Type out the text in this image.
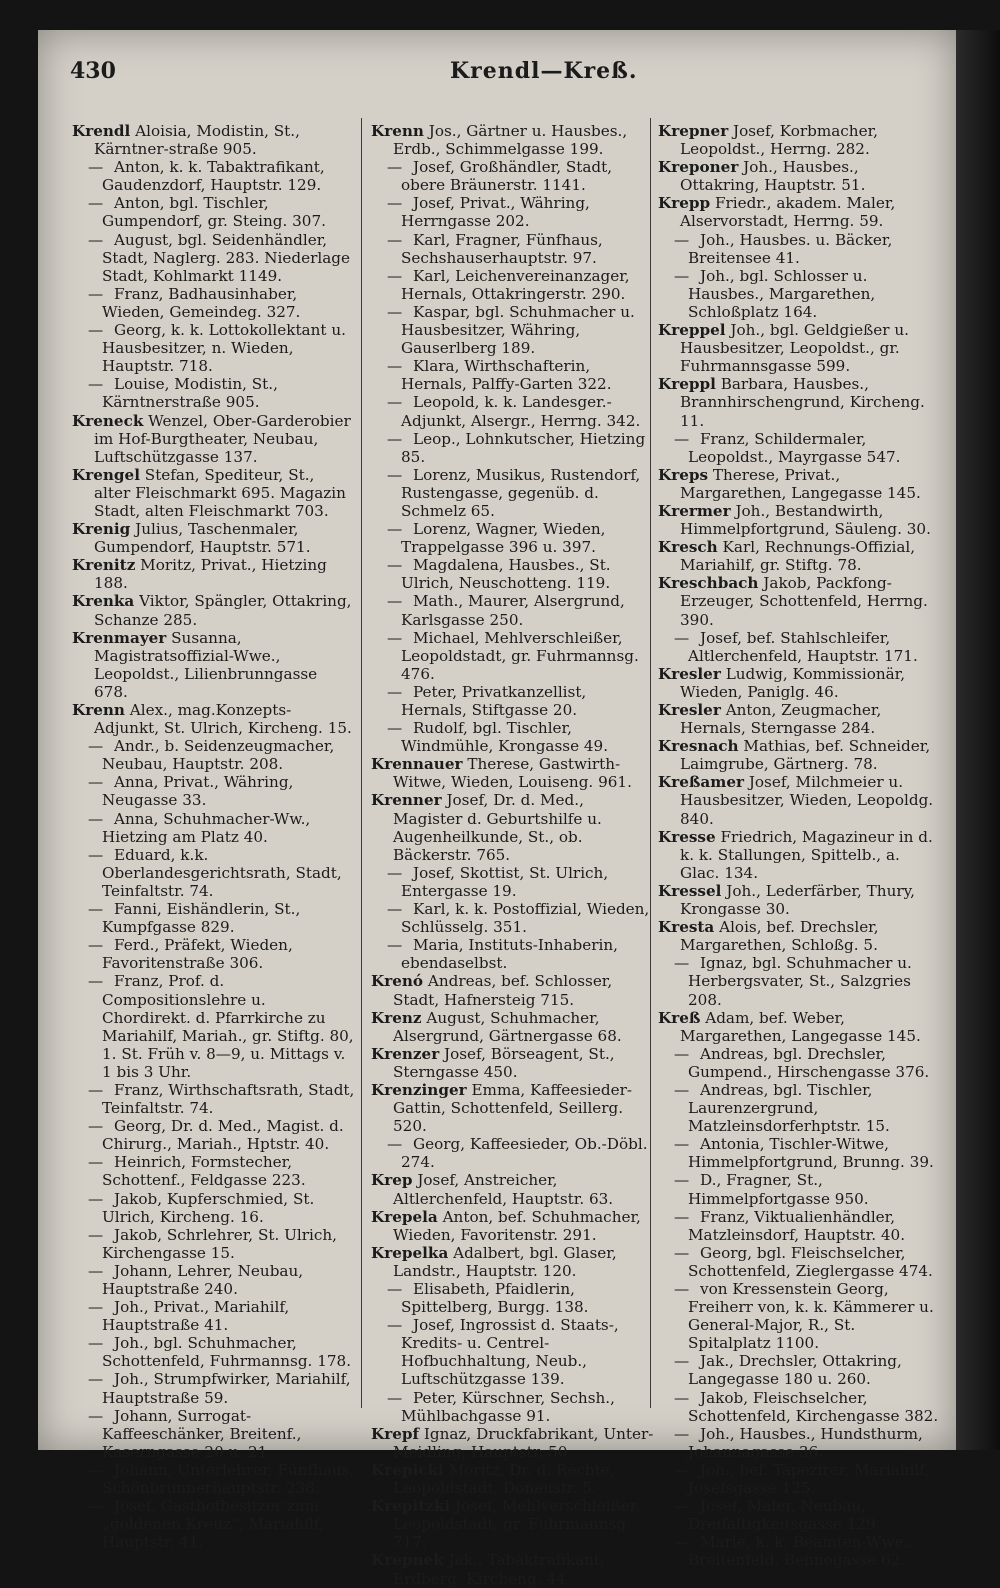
430	Krendl—Kreß.
Krendl Aloisia, Modistin, St., Kärntner-straße 905.
— Anton, k. k. Tabaktrafikant, Gaudenzdorf, Hauptstr. 129.
— Anton, bgl. Tischler, Gumpendorf, gr. Steing. 307.
— August, bgl. Seidenhändler, Stadt, Naglerg. 283. Niederlage Stadt, Kohlmarkt 1149.
— Franz, Badhausinhaber, Wieden, Gemeindeg. 327.
— Georg, k. k. Lottokollektant u. Hausbesitzer, n. Wieden, Hauptstr. 718.
— Louise, Modistin, St., Kärntnerstraße 905.
Kreneck Wenzel, Ober-Garderobier im Hof-Burgtheater, Neubau, Luftschützgasse 137.
Krengel Stefan, Spediteur, St., alter Fleischmarkt 695. Magazin Stadt, alten Fleischmarkt 703.
Krenig Julius, Taschenmaler, Gumpendorf, Hauptstr. 571.
Krenitz Moritz, Privat., Hietzing 188.
Krenka Viktor, Spängler, Ottakring, Schanze 285.
Krenmayer Susanna, Magistratsoffizial-Wwe., Leopoldst., Lilienbrunngasse 678.
Krenn Alex., mag.Konzepts-Adjunkt, St. Ulrich, Kircheng. 15.
— Andr., b. Seidenzeugmacher, Neubau, Hauptstr. 208.
— Anna, Privat., Währing, Neugasse 33.
— Anna, Schuhmacher-Ww., Hietzing am Platz 40.
— Eduard, k.k. Oberlandesgerichtsrath, Stadt, Teinfaltstr. 74.
— Fanni, Eishändlerin, St., Kumpfgasse 829.
— Ferd., Präfekt, Wieden, Favoritenstraße 306.
— Franz, Prof. d. Compositionslehre u. Chordirekt. d. Pfarrkirche zu Mariahilf, Mariah., gr. Stiftg. 80, 1. St. Früh v. 8—9, u. Mittags v. 1 bis 3 Uhr.
— Franz, Wirthschaftsrath, Stadt, Teinfaltstr. 74.
— Georg, Dr. d. Med., Magist. d. Chirurg., Mariah., Hptstr. 40.
— Heinrich, Formstecher, Schottenf., Feldgasse 223.
— Jakob, Kupferschmied, St. Ulrich, Kircheng. 16.
— Jakob, Schrlehrer, St. Ulrich, Kirchengasse 15.
— Johann, Lehrer, Neubau, Hauptstraße 240.
— Joh., Privat., Mariahilf, Hauptstraße 41.
— Joh., bgl. Schuhmacher, Schottenfeld, Fuhrmannsg. 178.
— Joh., Strumpfwirker, Mariahilf, Hauptstraße 59.
— Johann, Surrogat-Kaffeeschänker, Breitenf., Kaserngasse 20 u. 21.
— Johann, Unterlehrer, Fünfhaus, Schönbrunnerhauptstr. 238.
— Josef, Gasthofbesitzer zum „goldenen Kreuz“, Mariahilf, Hauptstr. 41.
Krenn Jos., Gärtner u. Hausbes., Erdb., Schimmelgasse 199.
— Josef, Großhändler, Stadt, obere Bräunerstr. 1141.
— Josef, Privat., Währing, Herrngasse 202.
— Karl, Fragner, Fünfhaus, Sechshauserhauptstr. 97.
— Karl, Leichenvereinanzager, Hernals, Ottakringerstr. 290.
— Kaspar, bgl. Schuhmacher u. Hausbesitzer, Währing, Gauserlberg 189.
— Klara, Wirthschafterin, Hernals, Palffy-Garten 322.
— Leopold, k. k. Landesger.-Adjunkt, Alsergr., Herrng. 342.
— Leop., Lohnkutscher, Hietzing 85.
— Lorenz, Musikus, Rustendorf, Rustengasse, gegenüb. d. Schmelz 65.
— Lorenz, Wagner, Wieden, Trappelgasse 396 u. 397.
— Magdalena, Hausbes., St. Ulrich, Neuschotteng. 119.
— Math., Maurer, Alsergrund, Karlsgasse 250.
— Michael, Mehlverschleißer, Leopoldstadt, gr. Fuhrmannsg. 476.
— Peter, Privatkanzellist, Hernals, Stiftgasse 20.
— Rudolf, bgl. Tischler, Windmühle, Krongasse 49.
Krennauer Therese, Gastwirth-Witwe, Wieden, Louiseng. 961.
Krenner Josef, Dr. d. Med., Magister d. Geburtshilfe u. Augenheilkunde, St., ob. Bäckerstr. 765.
— Josef, Skottist, St. Ulrich, Entergasse 19.
— Karl, k. k. Postoffizial, Wieden, Schlüsselg. 351.
— Maria, Instituts-Inhaberin, ebendaselbst.
Krenó Andreas, bef. Schlosser, Stadt, Hafnersteig 715.
Krenz August, Schuhmacher, Alsergrund, Gärtnergasse 68.
Krenzer Josef, Börseagent, St., Sterngasse 450.
Krenzinger Emma, Kaffeesieder-Gattin, Schottenfeld, Seillerg. 520.
— Georg, Kaffeesieder, Ob.-Döbl. 274.
Krep Josef, Anstreicher, Altlerchenfeld, Hauptstr. 63.
Krepela Anton, bef. Schuhmacher, Wieden, Favoritenstr. 291.
Krepelka Adalbert, bgl. Glaser, Landstr., Hauptstr. 120.
— Elisabeth, Pfaidlerin, Spittelberg, Burgg. 138.
— Josef, Ingrossist d. Staats-, Kredits- u. Centrel-Hofbuchhaltung, Neub., Luftschützgasse 139.
— Peter, Kürschner, Sechsh., Mühlbachgasse 91.
Krepf Ignaz, Druckfabrikant, Unter-Meidling, Hauptstr. 50.
Krepicki Moritz, Dr. d. Rechte, Leopoldstadt, Donaustr. 5.
Krepitzki Josef, Mehlverschleißer, Leopoldstadt, gr. Fuhrmannsg. 717.
Krepnek Jak., Tabaktrafikant, Erdberg, Kircheng. 44.
Krepner Josef, Korbmacher, Leopoldst., Herrng. 282.
Kreponer Joh., Hausbes., Ottakring, Hauptstr. 51.
Krepp Friedr., akadem. Maler, Alservorstadt, Herrng. 59.
— Joh., Hausbes. u. Bäcker, Breitensee 41.
— Joh., bgl. Schlosser u. Hausbes., Margarethen, Schloßplatz 164.
Kreppel Joh., bgl. Geldgießer u. Hausbesitzer, Leopoldst., gr. Fuhrmannsgasse 599.
Kreppl Barbara, Hausbes., Brannhirschengrund, Kircheng. 11.
— Franz, Schildermaler, Leopoldst., Mayrgasse 547.
Kreps Therese, Privat., Margarethen, Langegasse 145.
Krermer Joh., Bestandwirth, Himmelpfortgrund, Säuleng. 30.
Kresch Karl, Rechnungs-Offizial, Mariahilf, gr. Stiftg. 78.
Kreschbach Jakob, Packfong-Erzeuger, Schottenfeld, Herrng. 390.
— Josef, bef. Stahlschleifer, Altlerchenfeld, Hauptstr. 171.
Kresler Ludwig, Kommissionär, Wieden, Paniglg. 46.
Kresler Anton, Zeugmacher, Hernals, Sterngasse 284.
Kresnach Mathias, bef. Schneider, Laimgrube, Gärtnerg. 78.
Kreßamer Josef, Milchmeier u. Hausbesitzer, Wieden, Leopoldg. 840.
Kresse Friedrich, Magazineur in d. k. k. Stallungen, Spittelb., a. Glac. 134.
Kressel Joh., Lederfärber, Thury, Krongasse 30.
Kresta Alois, bef. Drechsler, Margarethen, Schloßg. 5.
— Ignaz, bgl. Schuhmacher u. Herbergsvater, St., Salzgries 208.
Kreß Adam, bef. Weber, Margarethen, Langegasse 145.
— Andreas, bgl. Drechsler, Gumpend., Hirschengasse 376.
— Andreas, bgl. Tischler, Laurenzergrund, Matzleinsdorferhptstr. 15.
— Antonia, Tischler-Witwe, Himmelpfortgrund, Brunng. 39.
— D., Fragner, St., Himmelpfortgasse 950.
— Franz, Viktualienhändler, Matzleinsdorf, Hauptstr. 40.
— Georg, bgl. Fleischselcher, Schottenfeld, Zieglergasse 474.
— von Kressenstein Georg, Freiherr von, k. k. Kämmerer u. General-Major, R., St. Spitalplatz 1100.
— Jak., Drechsler, Ottakring, Langegasse 180 u. 260.
— Jakob, Fleischselcher, Schottenfeld, Kirchengasse 382.
— Joh., Hausbes., Hundsthurm, Johannagasse 36.
— Joh., bef. Tapezirer, Mariahilf, Josefsgasse 125.
— Josef, Maler, Neubau, Dreifaltigkeitsgasse 129.
— Marie, k. k. Beamten-Wwe., Breitenfeld, Bennogasse 62.
